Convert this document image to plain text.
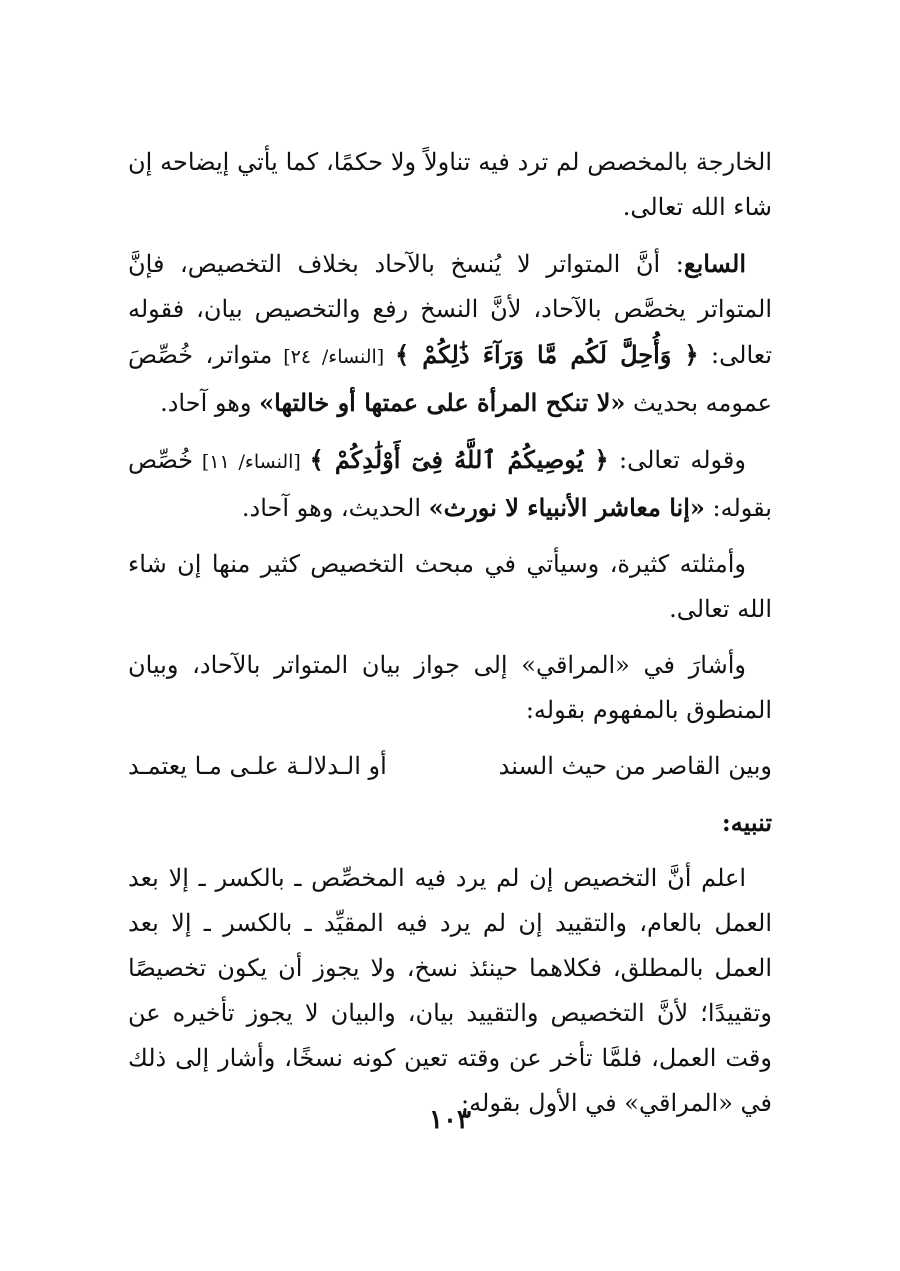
الخارجة بالمخصص لم ترد فيه تناولاً ولا حكمًا، كما يأتي إيضاحه إن شاء الله تعالى.

السابع: أنَّ المتواتر لا يُنسخ بالآحاد بخلاف التخصيص، فإنَّ المتواتر يخصَّص بالآحاد، لأنَّ النسخ رفع والتخصيص بيان، فقوله تعالى: ﴿ وَأُحِلَّ لَكُم مَّا وَرَآءَ ذَٰلِكُمْ ﴾ [النساء/ ٢٤] متواتر، خُصِّصَ عمومه بحديث «لا تنكح المرأة على عمتها أو خالتها» وهو آحاد.

وقوله تعالى: ﴿ يُوصِيكُمُ ٱللَّهُ فِىٓ أَوْلَٰدِكُمْ ﴾ [النساء/ ١١] خُصِّص بقوله: «إنا معاشر الأنبياء لا نورث» الحديث، وهو آحاد.

وأمثلته كثيرة، وسيأتي في مبحث التخصيص كثير منها إن شاء الله تعالى.

وأشارَ في «المراقي» إلى جواز بيان المتواتر بالآحاد، وبيان المنطوق بالمفهوم بقوله:

وبين القاصر من حيث السند
أو الـدلالـة علـى مـا يعتمـد
تنبيه:

اعلم أنَّ التخصيص إن لم يرد فيه المخصِّص ـ بالكسر ـ إلا بعد العمل بالعام، والتقييد إن لم يرد فيه المقيِّد ـ بالكسر ـ إلا بعد العمل بالمطلق، فكلاهما حينئذ نسخ، ولا يجوز أن يكون تخصيصًا وتقييدًا؛ لأنَّ التخصيص والتقييد بيان، والبيان لا يجوز تأخيره عن وقت العمل، فلمَّا تأخر عن وقته تعين كونه نسخًا، وأشار إلى ذلك في «المراقي» في الأول بقوله:

١٠٣
